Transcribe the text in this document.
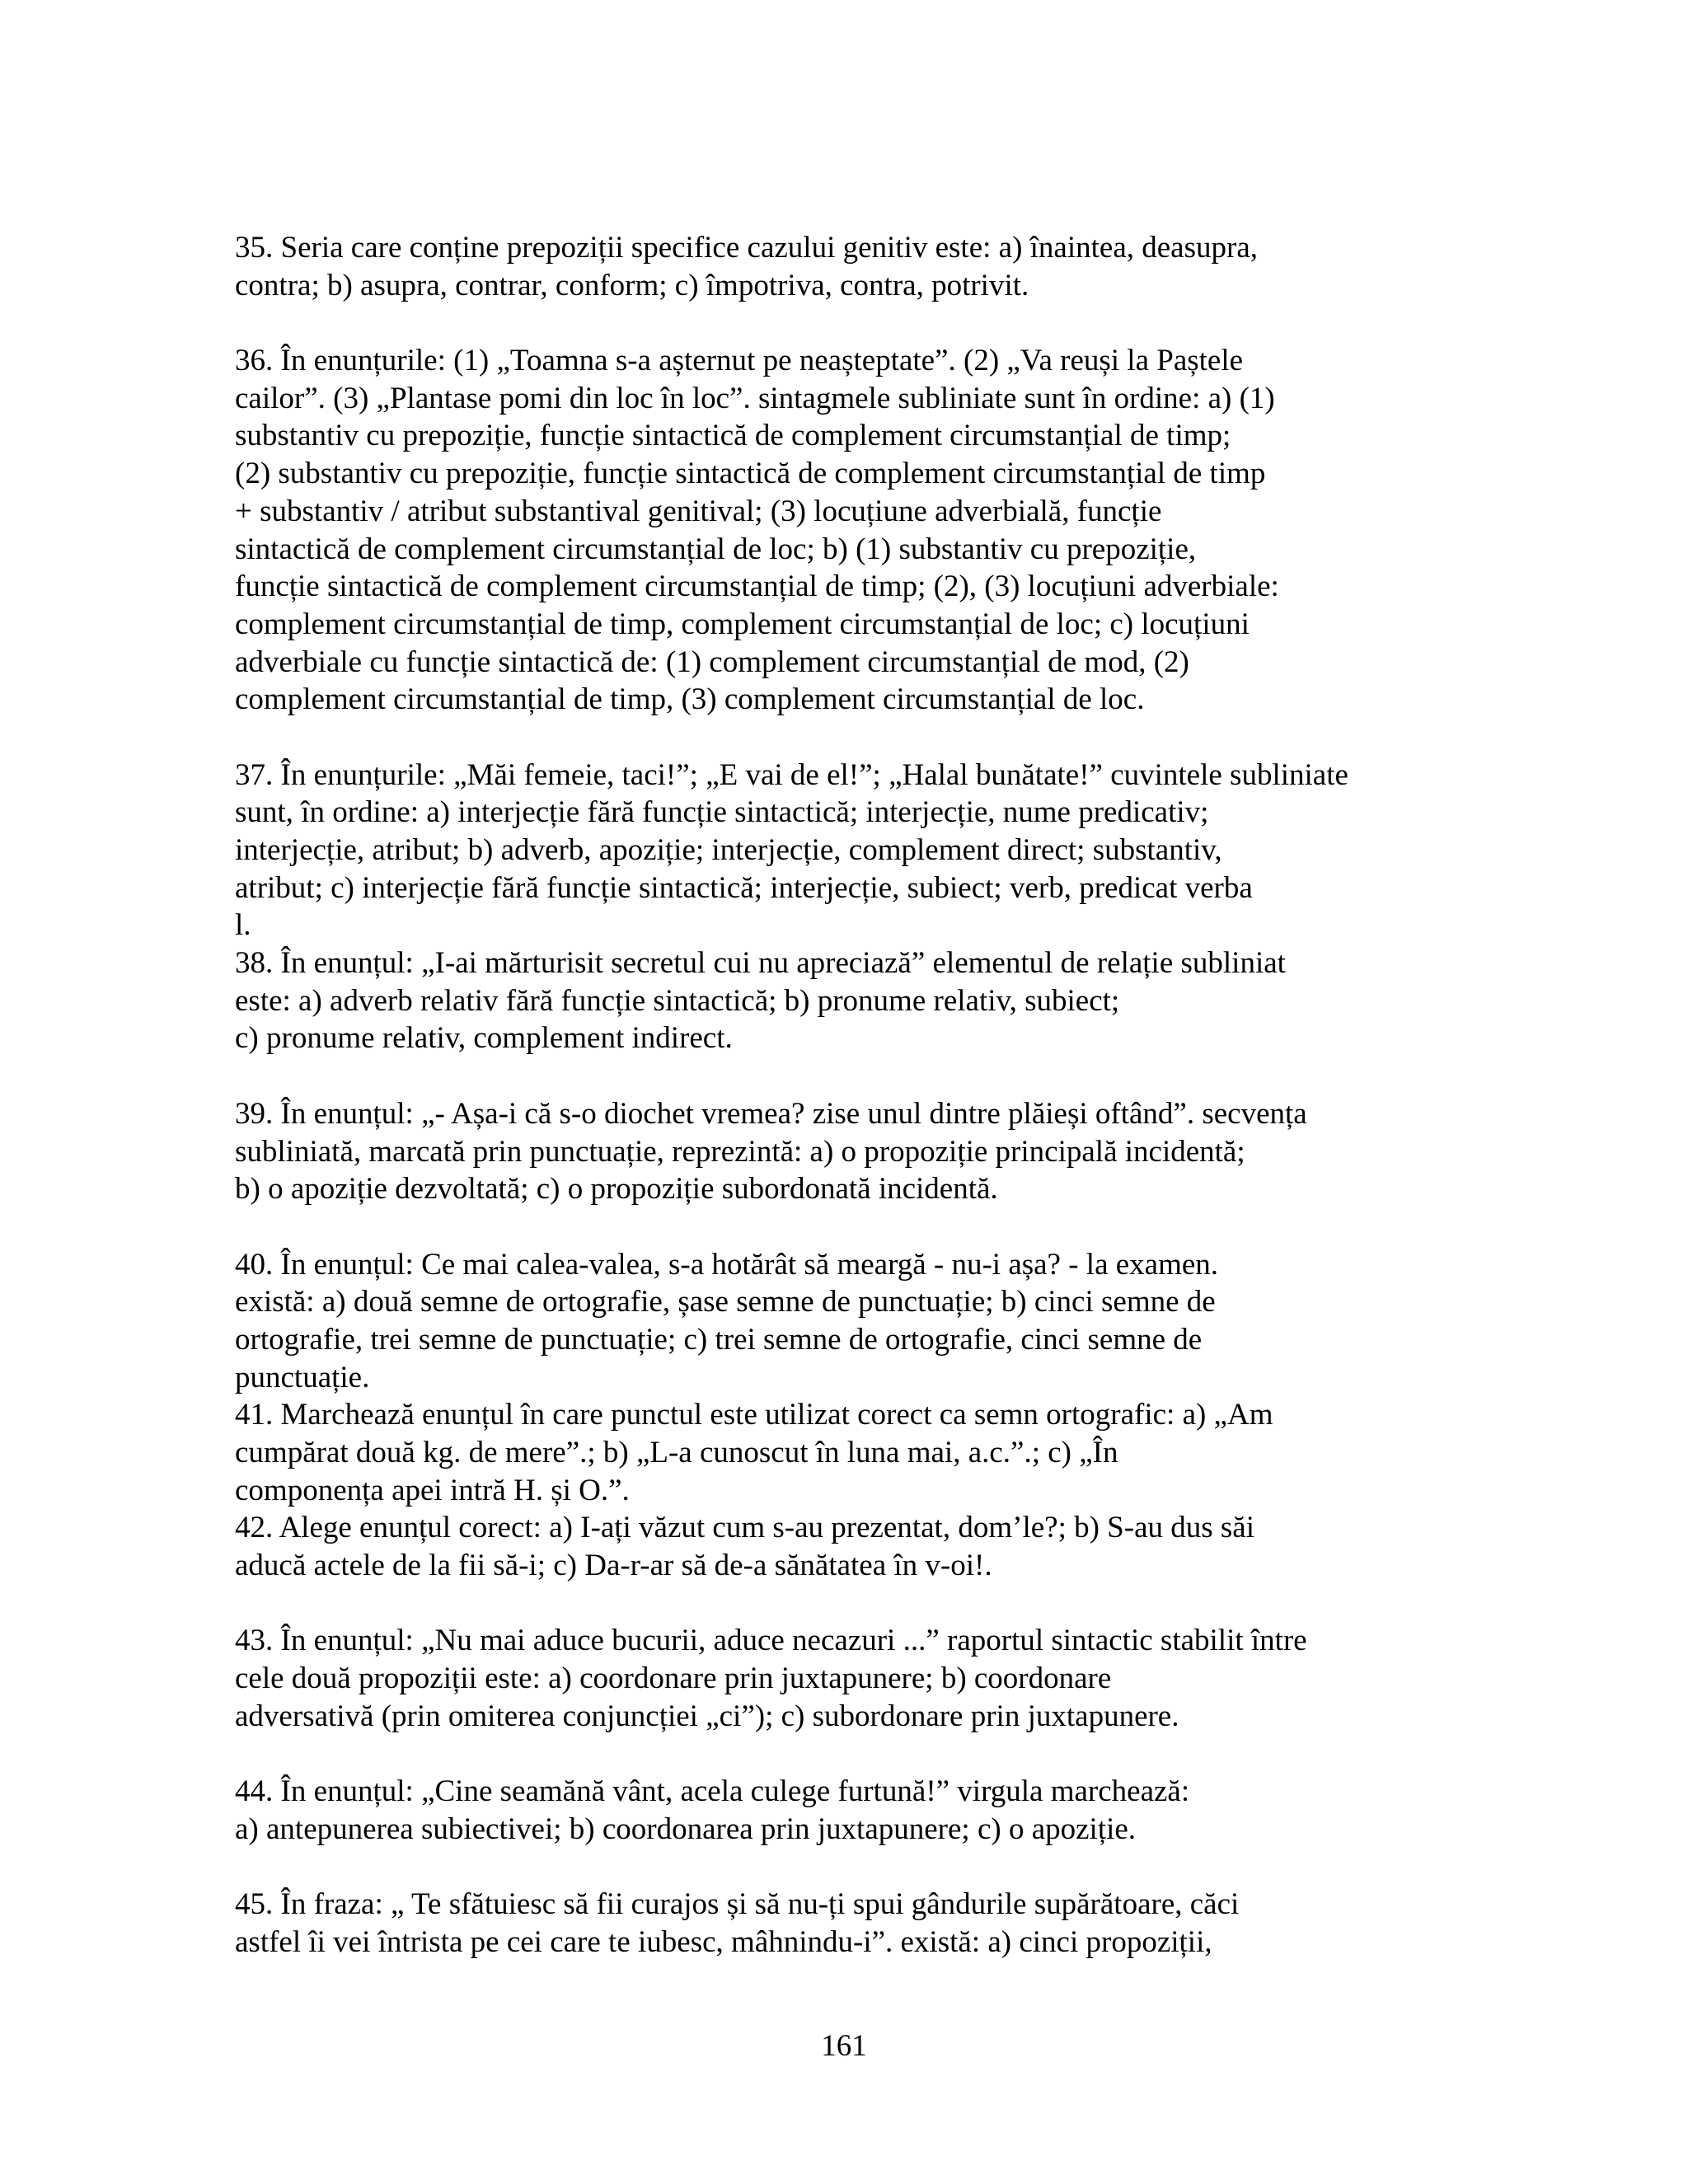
35. Seria care conține prepoziții specifice cazului genitiv este: a) înaintea, deasupra,
contra; b) asupra, contrar, conform; c) împotriva, contra, potrivit.
36. În enunțurile: (1) „Toamna s-a așternut pe neașteptate”. (2) „Va reuși la Paștele
cailor”. (3) „Plantase pomi din loc în loc”. sintagmele subliniate sunt în ordine: a) (1)
substantiv cu prepoziție, funcție sintactică de complement circumstanțial de timp;
(2) substantiv cu prepoziție, funcție sintactică de complement circumstanțial de timp
+ substantiv / atribut substantival genitival; (3) locuțiune adverbială, funcție
sintactică de complement circumstanțial de loc; b) (1) substantiv cu prepoziție,
funcție sintactică de complement circumstanțial de timp; (2), (3) locuțiuni adverbiale:
complement circumstanțial de timp, complement circumstanțial de loc; c) locuțiuni
adverbiale cu funcție sintactică de: (1) complement circumstanțial de mod, (2)
complement circumstanțial de timp, (3) complement circumstanțial de loc.
37. În enunțurile: „Măi femeie, taci!”; „E vai de el!”; „Halal bunătate!” cuvintele subliniate
sunt, în ordine: a) interjecție fără funcție sintactică; interjecție, nume predicativ;
interjecție, atribut; b) adverb, apoziție; interjecție, complement direct; substantiv,
atribut; c) interjecție fără funcție sintactică; interjecție, subiect; verb, predicat verba
l.
38. În enunțul: „I-ai mărturisit secretul cui nu apreciază” elementul de relație subliniat
este: a) adverb relativ fără funcție sintactică; b) pronume relativ, subiect;
c) pronume relativ, complement indirect.
39. În enunțul: „- Așa-i că s-o diochet vremea? zise unul dintre plăieși oftând”. secvența
subliniată, marcată prin punctuație, reprezintă: a) o propoziție principală incidentă;
b) o apoziție dezvoltată; c) o propoziție subordonată incidentă.
40. În enunțul: Ce mai calea-valea, s-a hotărât să meargă - nu-i așa? - la examen.
există: a) două semne de ortografie, șase semne de punctuație; b) cinci semne de
ortografie, trei semne de punctuație; c) trei semne de ortografie, cinci semne de
punctuație.
41. Marchează enunțul în care punctul este utilizat corect ca semn ortografic: a) „Am
cumpărat două kg. de mere”.; b) „L-a cunoscut în luna mai, a.c.”.; c) „În
componența apei intră H. și O.”.
42. Alege enunțul corect: a) I-ați văzut cum s-au prezentat, dom’le?; b) S-au dus săi
aducă actele de la fii să-i; c) Da-r-ar să de-a sănătatea în v-oi!.
43. În enunțul: „Nu mai aduce bucurii, aduce necazuri ...” raportul sintactic stabilit între
cele două propoziții este: a) coordonare prin juxtapunere; b) coordonare
adversativă (prin omiterea conjuncției „ci”); c) subordonare prin juxtapunere.
44. În enunțul: „Cine seamănă vânt, acela culege furtună!” virgula marchează:
a) antepunerea subiectivei; b) coordonarea prin juxtapunere; c) o apoziție.
45. În fraza: „ Te sfătuiesc să fii curajos și să nu-ți spui gândurile supărătoare, căci
astfel îi vei întrista pe cei care te iubesc, mâhnindu-i”. există: a) cinci propoziții,
161
